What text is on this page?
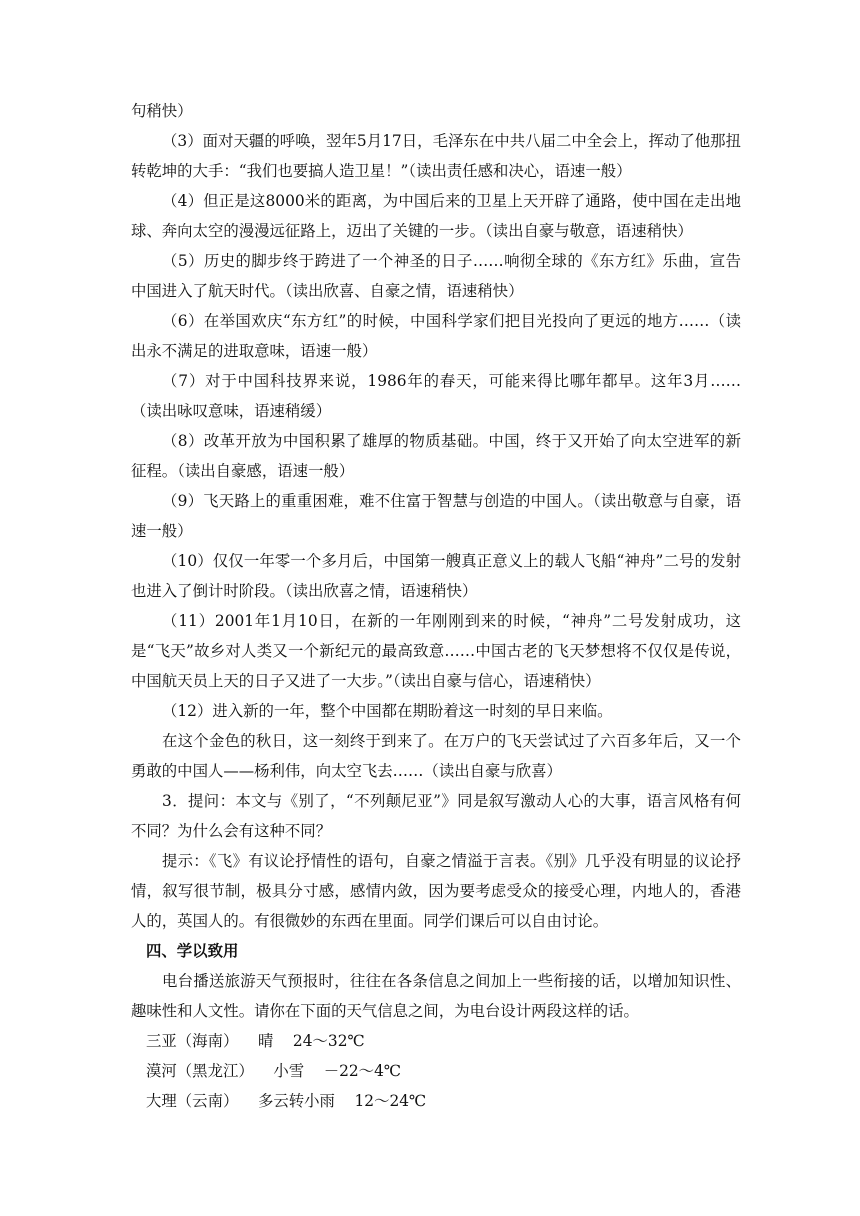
句稍快）

（3）面对天疆的呼唤，翌年5月17日，毛泽东在中共八届二中全会上，挥动了他那扭转乾坤的大手：“我们也要搞人造卫星！”（读出责任感和决心，语速一般）

（4）但正是这8000米的距离，为中国后来的卫星上天开辟了通路，使中国在走出地球、奔向太空的漫漫远征路上，迈出了关键的一步。（读出自豪与敬意，语速稍快）

（5）历史的脚步终于跨进了一个神圣的日子……响彻全球的《东方红》乐曲，宣告中国进入了航天时代。（读出欣喜、自豪之情，语速稍快）

（6）在举国欢庆“东方红”的时候，中国科学家们把目光投向了更远的地方……（读出永不满足的进取意味，语速一般）

（7）对于中国科技界来说，1986年的春天，可能来得比哪年都早。这年3月……（读出咏叹意味，语速稍缓）

（8）改革开放为中国积累了雄厚的物质基础。中国，终于又开始了向太空进军的新征程。（读出自豪感，语速一般）

（9）飞天路上的重重困难，难不住富于智慧与创造的中国人。（读出敬意与自豪，语速一般）

（10）仅仅一年零一个多月后，中国第一艘真正意义上的载人飞船“神舟”二号的发射也进入了倒计时阶段。（读出欣喜之情，语速稍快）

（11）2001年1月10日，在新的一年刚刚到来的时候，“神舟”二号发射成功，这是“飞天”故乡对人类又一个新纪元的最高致意……中国古老的飞天梦想将不仅仅是传说，中国航天员上天的日子又进了一大步。”（读出自豪与信心，语速稍快）

（12）进入新的一年，整个中国都在期盼着这一时刻的早日来临。

在这个金色的秋日，这一刻终于到来了。在万户的飞天尝试过了六百多年后，又一个勇敢的中国人——杨利伟，向太空飞去……（读出自豪与欣喜）

3．提问：本文与《别了，“不列颠尼亚”》同是叙写激动人心的大事，语言风格有何不同？为什么会有这种不同？

提示：《飞》有议论抒情性的语句，自豪之情溢于言表。《别》几乎没有明显的议论抒情，叙写很节制，极具分寸感，感情内敛，因为要考虑受众的接受心理，内地人的，香港人的，英国人的。有很微妙的东西在里面。同学们课后可以自由讨论。

四、学以致用

电台播送旅游天气预报时，往往在各条信息之间加上一些衔接的话，以增加知识性、趣味性和人文性。请你在下面的天气信息之间，为电台设计两段这样的话。

三亚（海南） 晴 24～32℃

漠河（黑龙江） 小雪 －22～4℃

大理（云南） 多云转小雨 12～24℃
